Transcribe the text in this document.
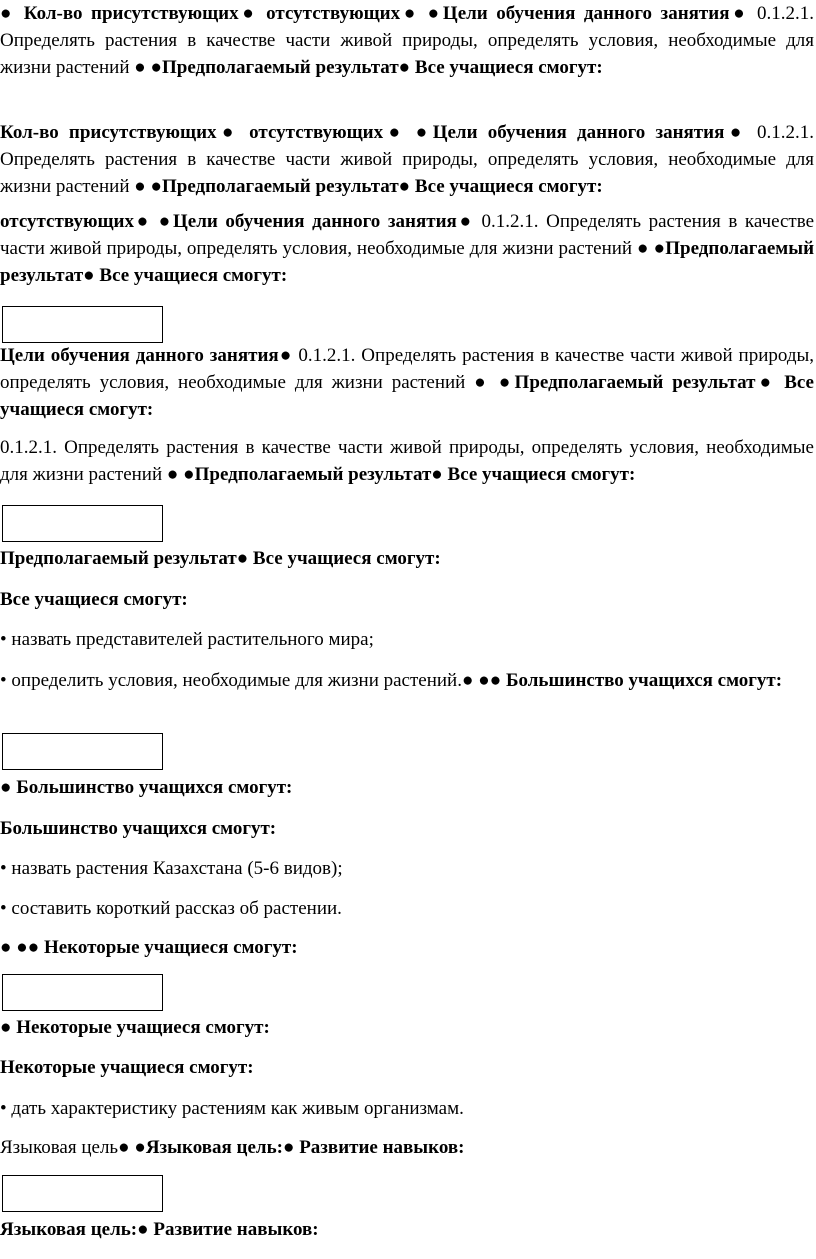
● Кол-во присутствующих● отсутствующих● ●Цели обучения данного занятия● 0.1.2.1. Определять растения в качестве части живой природы, определять условия, необходимые для жизни растений ● ●Предполагаемый результат● Все учащиеся смогут:

Кол-во присутствующих● отсутствующих● ●Цели обучения данного занятия● 0.1.2.1. Определять растения в качестве части живой природы, определять условия, необходимые для жизни растений ● ●Предполагаемый результат● Все учащиеся смогут:

отсутствующих● ●Цели обучения данного занятия● 0.1.2.1. Определять растения в качестве части живой природы, определять условия, необходимые для жизни растений ● ●Предполагаемый результат● Все учащиеся смогут:

Цели обучения данного занятия● 0.1.2.1. Определять растения в качестве части живой природы, определять условия, необходимые для жизни растений ● ●Предполагаемый результат● Все учащиеся смогут:

0.1.2.1. Определять растения в качестве части живой природы, определять условия, необходимые для жизни растений ● ●Предполагаемый результат● Все учащиеся смогут:

Предполагаемый результат● Все учащиеся смогут:

Все учащиеся смогут:

• назвать представителей растительного мира;

• определить условия, необходимые для жизни растений.● ●● Большинство учащихся смогут:

● Большинство учащихся смогут:

Большинство учащихся смогут:

• назвать растения Казахстана (5-6 видов);

• составить короткий рассказ об растении.

● ●● Некоторые учащиеся смогут:

● Некоторые учащиеся смогут:

Некоторые учащиеся смогут:

• дать характеристику растениям как живым организмам.

Языковая цель● ●Языковая цель:● Развитие навыков:

Языковая цель:● Развитие навыков:
